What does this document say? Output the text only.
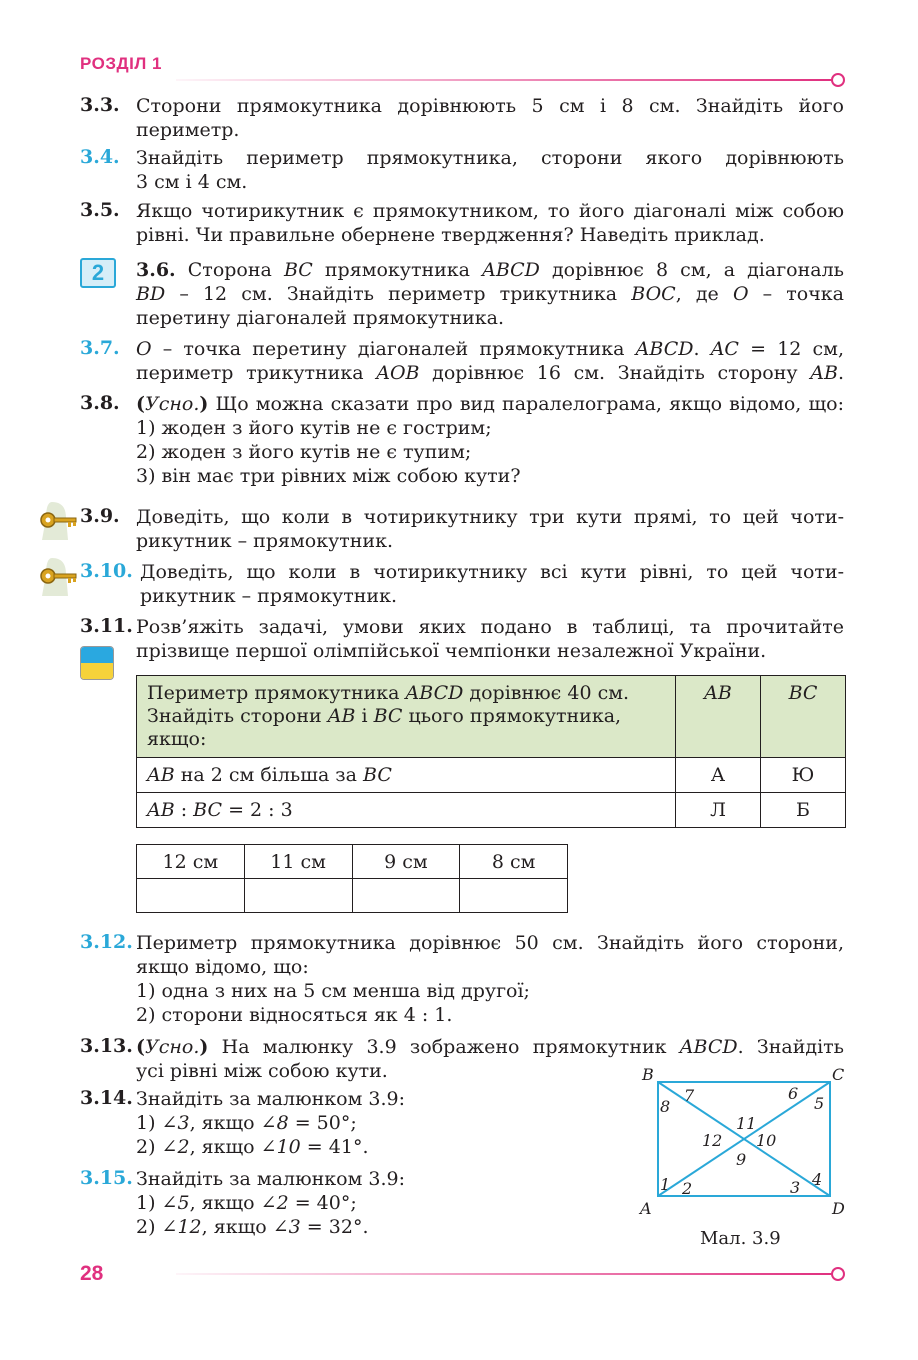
РОЗДІЛ 1
3.3. Сторони прямокутника дорівнюють 5 см і 8 см. Знайдіть його
периметр.
3.4. Знайдіть периметр прямокутника, сторони якого дорівнюють
3 см і 4 см.
3.5. Якщо чотирикутник є прямокутником, то його діагоналі між собою
рівні. Чи правильне обернене твердження? Наведіть приклад.
2	3.6. Сторона BC прямокутника ABCD дорівнює 8 см, а діагональ
BD – 12 см. Знайдіть периметр трикутника BOC, де O – точка
перетину діагоналей прямокутника.
3.7. O – точка перетину діагоналей прямокутника ABCD. AC = 12 см,
периметр трикутника AOB дорівнює 16 см. Знайдіть сторону AB.
3.8. (Усно.) Що можна сказати про вид паралелограма, якщо відомо, що:
1) жоден з його кутів не є гострим;
2) жоден з його кутів не є тупим;
3) він має три рівних між собою кути?
3.9. Доведіть, що коли в чотирикутнику три кути прямі, то цей чоти-
рикутник – прямокутник.
3.10. Доведіть, що коли в чотирикутнику всі кути рівні, то цей чоти-
рикутник – прямокутник.
3.11. Розв’яжіть задачі, умови яких подано в таблиці, та прочитайте
прізвище першої олімпійської чемпіонки незалежної України.
Периметр прямокутника ABCD дорівнює 40 см. Знайдіть сторони AB і BC цього прямокутника, якщо:	AB	BC
AB на 2 см більша за BC	А	Ю
AB : BC = 2 : 3	Л	Б
12 см	11 см	9 см	8 см

3.12. Периметр прямокутника дорівнює 50 см. Знайдіть його сторони,
якщо відомо, що:
1) одна з них на 5 см менша від другої;
2) сторони відносяться як 4 : 1.
3.13. (Усно.) На малюнку 3.9 зображено прямокутник ABCD. Знайдіть
усі рівні між собою кути.
3.14. Знайдіть за малюнком 3.9:
1) ∠3, якщо ∠8 = 50°;
2) ∠2, якщо ∠10 = 41°.
3.15. Знайдіть за малюнком 3.9:
1) ∠5, якщо ∠2 = 40°;
2) ∠12, якщо ∠3 = 32°.
B	C
A	D
1 2	3 4
5
6
7
8
9
10
11
12
Мал. 3.9
28
